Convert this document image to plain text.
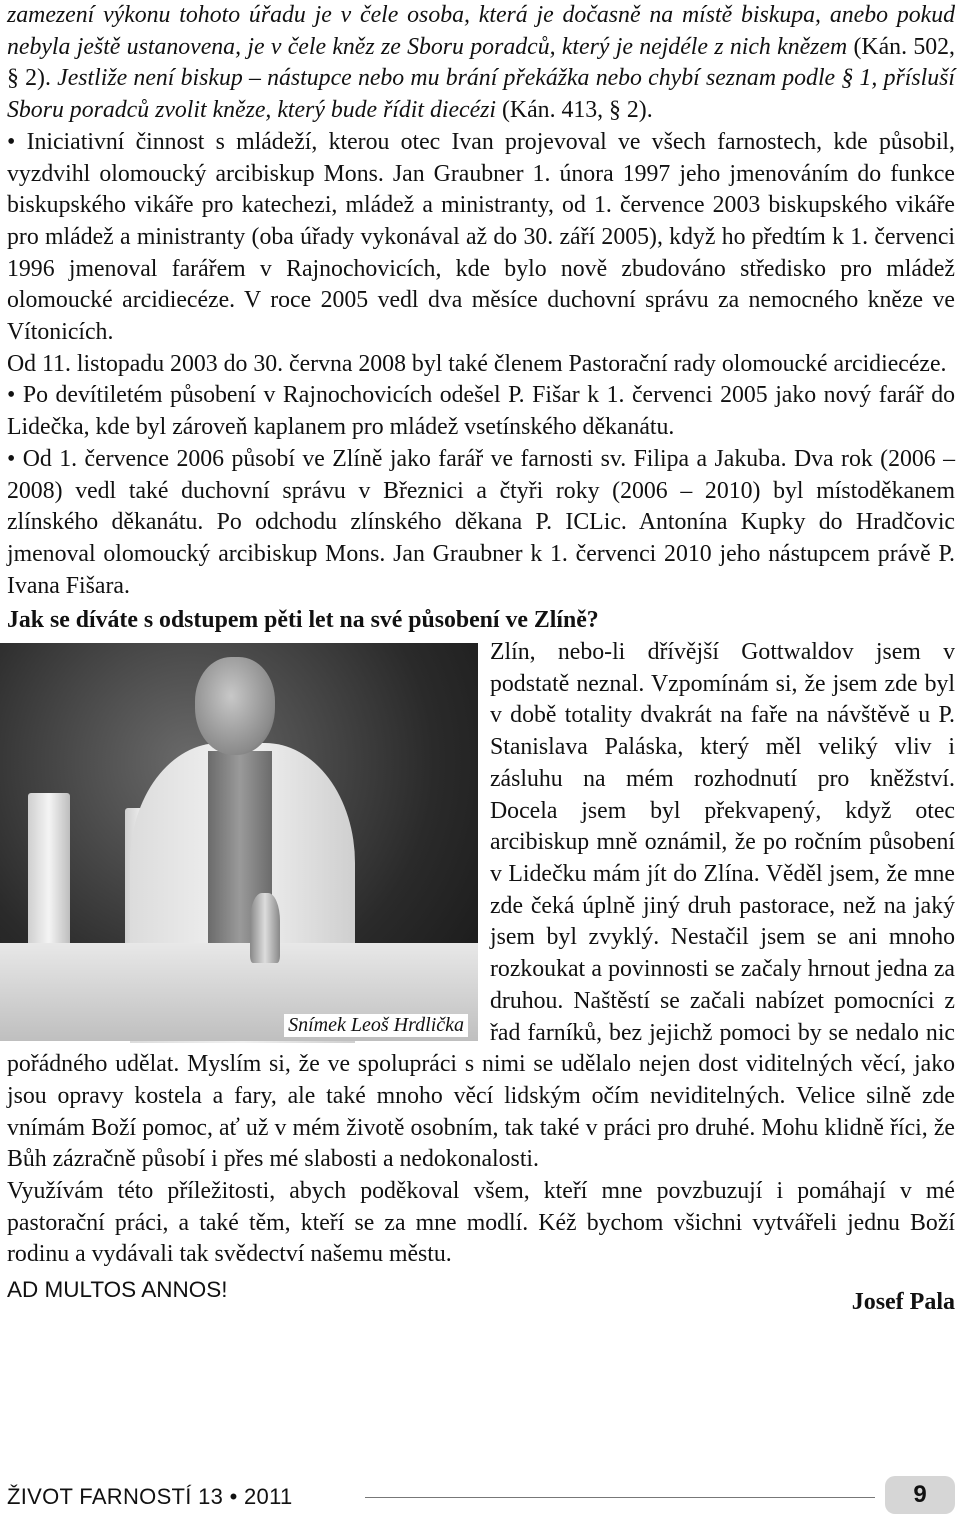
zamezení výkonu tohoto úřadu je v čele osoba, která je dočasně na místě biskupa, anebo pokud nebyla ještě ustanovena, je v čele kněz ze Sboru poradců, který je nejdéle z nich knězem (Kán. 502, § 2). Jestliže není biskup – nástupce nebo mu brání překážka nebo chybí seznam podle § 1, přísluší Sboru poradců zvolit kněze, který bude řídit diecézi (Kán. 413, § 2).

• Iniciativní činnost s mládeží, kterou otec Ivan projevoval ve všech farnostech, kde působil, vyzdvihl olomoucký arcibiskup Mons. Jan Graubner 1. února 1997 jeho jmenováním do funkce biskupského vikáře pro katechezi, mládež a ministranty, od 1. července 2003 biskupského vikáře pro mládež a ministranty (oba úřady vykonával až do 30. září 2005), když ho předtím k 1. červenci 1996 jmenoval farářem v Rajnochovicích, kde bylo nově zbudováno středisko pro mládež olomoucké arcidiecéze. V roce 2005 vedl dva měsíce duchovní správu za nemocného kněze ve Vítonicích.

Od 11. listopadu 2003 do 30. června 2008 byl také členem Pastorační rady olomoucké arcidiecéze.

• Po devítiletém působení v Rajnochovicích odešel P. Fišar k 1. červenci 2005 jako nový farář do Lidečka, kde byl zároveň kaplanem pro mládež vsetínského děkanátu.

• Od 1. července 2006 působí ve Zlíně jako farář ve farnosti sv. Filipa a Jakuba. Dva rok (2006 – 2008) vedl také duchovní správu v Březnici a čtyři roky (2006 – 2010) byl místoděkanem zlínského děkanátu. Po odchodu zlínského děkana P. ICLic. Antonína Kupky do Hradčovic jmenoval olomoucký arcibiskup Mons. Jan Graubner k 1. červenci 2010 jeho nástupcem právě P. Ivana Fišara.

Jak se díváte s odstupem pěti let na své působení ve Zlíně?

Snímek Leoš Hrdlička

Zlín, nebo-li dřívější Gottwaldov jsem v podstatě neznal. Vzpomínám si, že jsem zde byl v době totality dvakrát na faře na návštěvě u P. Stanislava Paláska, který měl veliký vliv i zásluhu na mém rozhodnutí pro kněžství. Docela jsem byl překvapený, když otec arcibiskup mně oznámil, že po ročním působení v Lidečku mám jít do Zlína. Věděl jsem, že mne zde čeká úplně jiný druh pastorace, než na jaký jsem byl zvyklý. Nestačil jsem se ani mnoho rozkoukat a povinnosti se začaly hrnout jedna za druhou. Naštěstí se začali nabízet pomocníci z řad farníků, bez jejichž pomoci by se nedalo nic pořádného udělat. Myslím si, že ve spolupráci s nimi se udělalo nejen dost viditelných věcí, jako jsou opravy kostela a fary, ale také mnoho věcí lidským očím neviditelných. Velice silně zde vnímám Boží pomoc, ať už v mém životě osobním, tak také v práci pro druhé. Mohu klidně říci, že Bůh zázračně působí i přes mé slabosti a nedokonalosti.

Využívám této příležitosti, abych poděkoval všem, kteří mne povzbuzují i pomáhají v mé pastorační práci, a také těm, kteří se za mne modlí. Kéž bychom všichni vytvářeli jednu Boží rodinu a vydávali tak svědectví našemu městu.

AD MULTOS ANNOS!	Josef Pala
ŽIVOT FARNOSTÍ 13 • 2011	9
